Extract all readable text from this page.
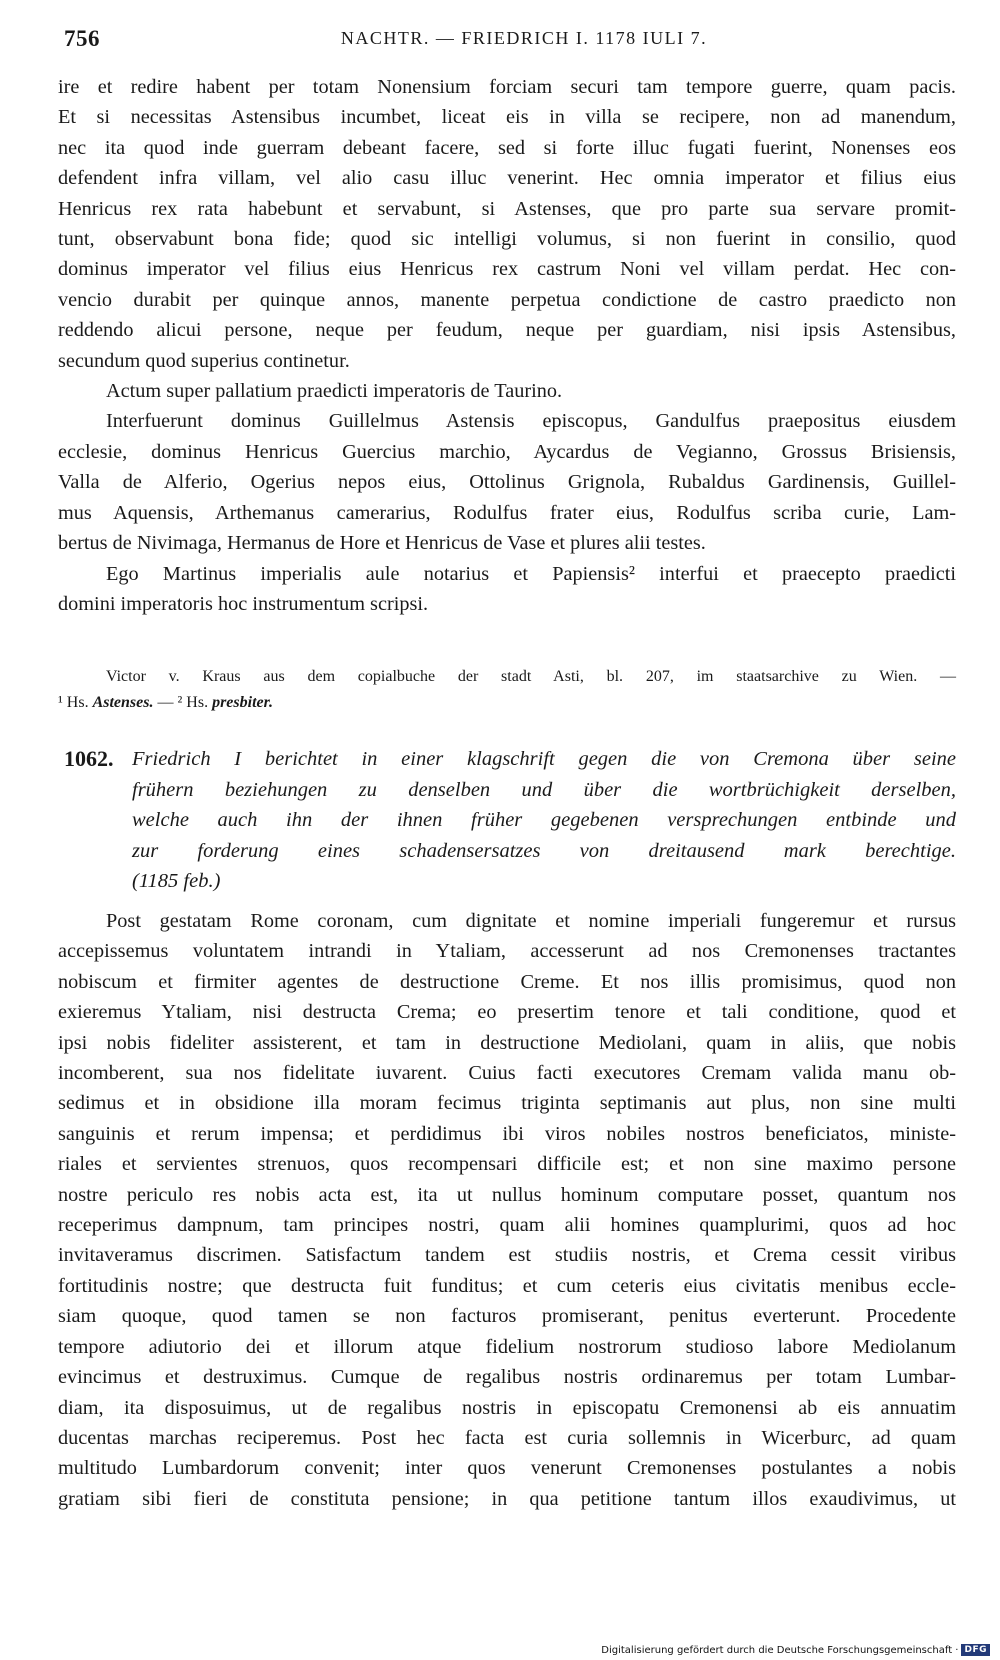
756	NACHTR. — FRIEDRICH I. 1178 IULI 7.
ire et redire habent per totam Nonensium forciam securi tam tempore guerre, quam pacis.
Et si necessitas Astensibus incumbet, liceat eis in villa se recipere, non ad manendum,
nec ita quod inde guerram debeant facere, sed si forte illuc fugati fuerint, Nonenses eos
defendent infra villam, vel alio casu illuc venerint. Hec omnia imperator et filius eius
Henricus rex rata habebunt et servabunt, si Astenses, que pro parte sua servare promit-
tunt, observabunt bona fide; quod sic intelligi volumus, si non fuerint in consilio, quod
dominus imperator vel filius eius Henricus rex castrum Noni vel villam perdat. Hec con-
vencio durabit per quinque annos, manente perpetua condictione de castro praedicto non
reddendo alicui persone, neque per feudum, neque per guardiam, nisi ipsis Astensibus,
secundum quod superius continetur.
Actum super pallatium praedicti imperatoris de Taurino.
Interfuerunt dominus Guillelmus Astensis episcopus, Gandulfus praepositus eiusdem
ecclesie, dominus Henricus Guercius marchio, Aycardus de Vegianno, Grossus Brisiensis,
Valla de Alferio, Ogerius nepos eius, Ottolinus Grignola, Rubaldus Gardinensis, Guillel-
mus Aquensis, Arthemanus camerarius, Rodulfus frater eius, Rodulfus scriba curie, Lam-
bertus de Nivimaga, Hermanus de Hore et Henricus de Vase et plures alii testes.
Ego Martinus imperialis aule notarius et Papiensis² interfui et praecepto praedicti
domini imperatoris hoc instrumentum scripsi.
Victor v. Kraus aus dem copialbuche der stadt Asti, bl. 207, im staatsarchive zu Wien. —
¹ Hs. Astenses. — ² Hs. presbiter.
1062. Friedrich I berichtet in einer klagschrift gegen die von Cremona über seine
frühern beziehungen zu denselben und über die wortbrüchigkeit derselben,
welche auch ihn der ihnen früher gegebenen versprechungen entbinde und
zur forderung eines schadensersatzes von dreitausend mark berechtige.
(1185 feb.)
Post gestatam Rome coronam, cum dignitate et nomine imperiali fungeremur et rursus
accepissemus voluntatem intrandi in Ytaliam, accesserunt ad nos Cremonenses tractantes
nobiscum et firmiter agentes de destructione Creme. Et nos illis promisimus, quod non
exieremus Ytaliam, nisi destructa Crema; eo presertim tenore et tali conditione, quod et
ipsi nobis fideliter assisterent, et tam in destructione Mediolani, quam in aliis, que nobis
incomberent, sua nos fidelitate iuvarent. Cuius facti executores Cremam valida manu ob-
sedimus et in obsidione illa moram fecimus triginta septimanis aut plus, non sine multi
sanguinis et rerum impensa; et perdidimus ibi viros nobiles nostros beneficiatos, ministe-
riales et servientes strenuos, quos recompensari difficile est; et non sine maximo persone
nostre periculo res nobis acta est, ita ut nullus hominum computare posset, quantum nos
receperimus dampnum, tam principes nostri, quam alii homines quamplurimi, quos ad hoc
invitaveramus discrimen. Satisfactum tandem est studiis nostris, et Crema cessit viribus
fortitudinis nostre; que destructa fuit funditus; et cum ceteris eius civitatis menibus eccle-
siam quoque, quod tamen se non facturos promiserant, penitus everterunt. Procedente
tempore adiutorio dei et illorum atque fidelium nostrorum studioso labore Mediolanum
evincimus et destruximus. Cumque de regalibus nostris ordinaremus per totam Lumbar-
diam, ita disposuimus, ut de regalibus nostris in episcopatu Cremonensi ab eis annuatim
ducentas marchas reciperemus. Post hec facta est curia sollemnis in Wicerburc, ad quam
multitudo Lumbardorum convenit; inter quos venerunt Cremonenses postulantes a nobis
gratiam sibi fieri de constituta pensione; in qua petitione tantum illos exaudivimus, ut
Digitalisierung gefördert durch die Deutsche Forschungsgemeinschaft · DFG
